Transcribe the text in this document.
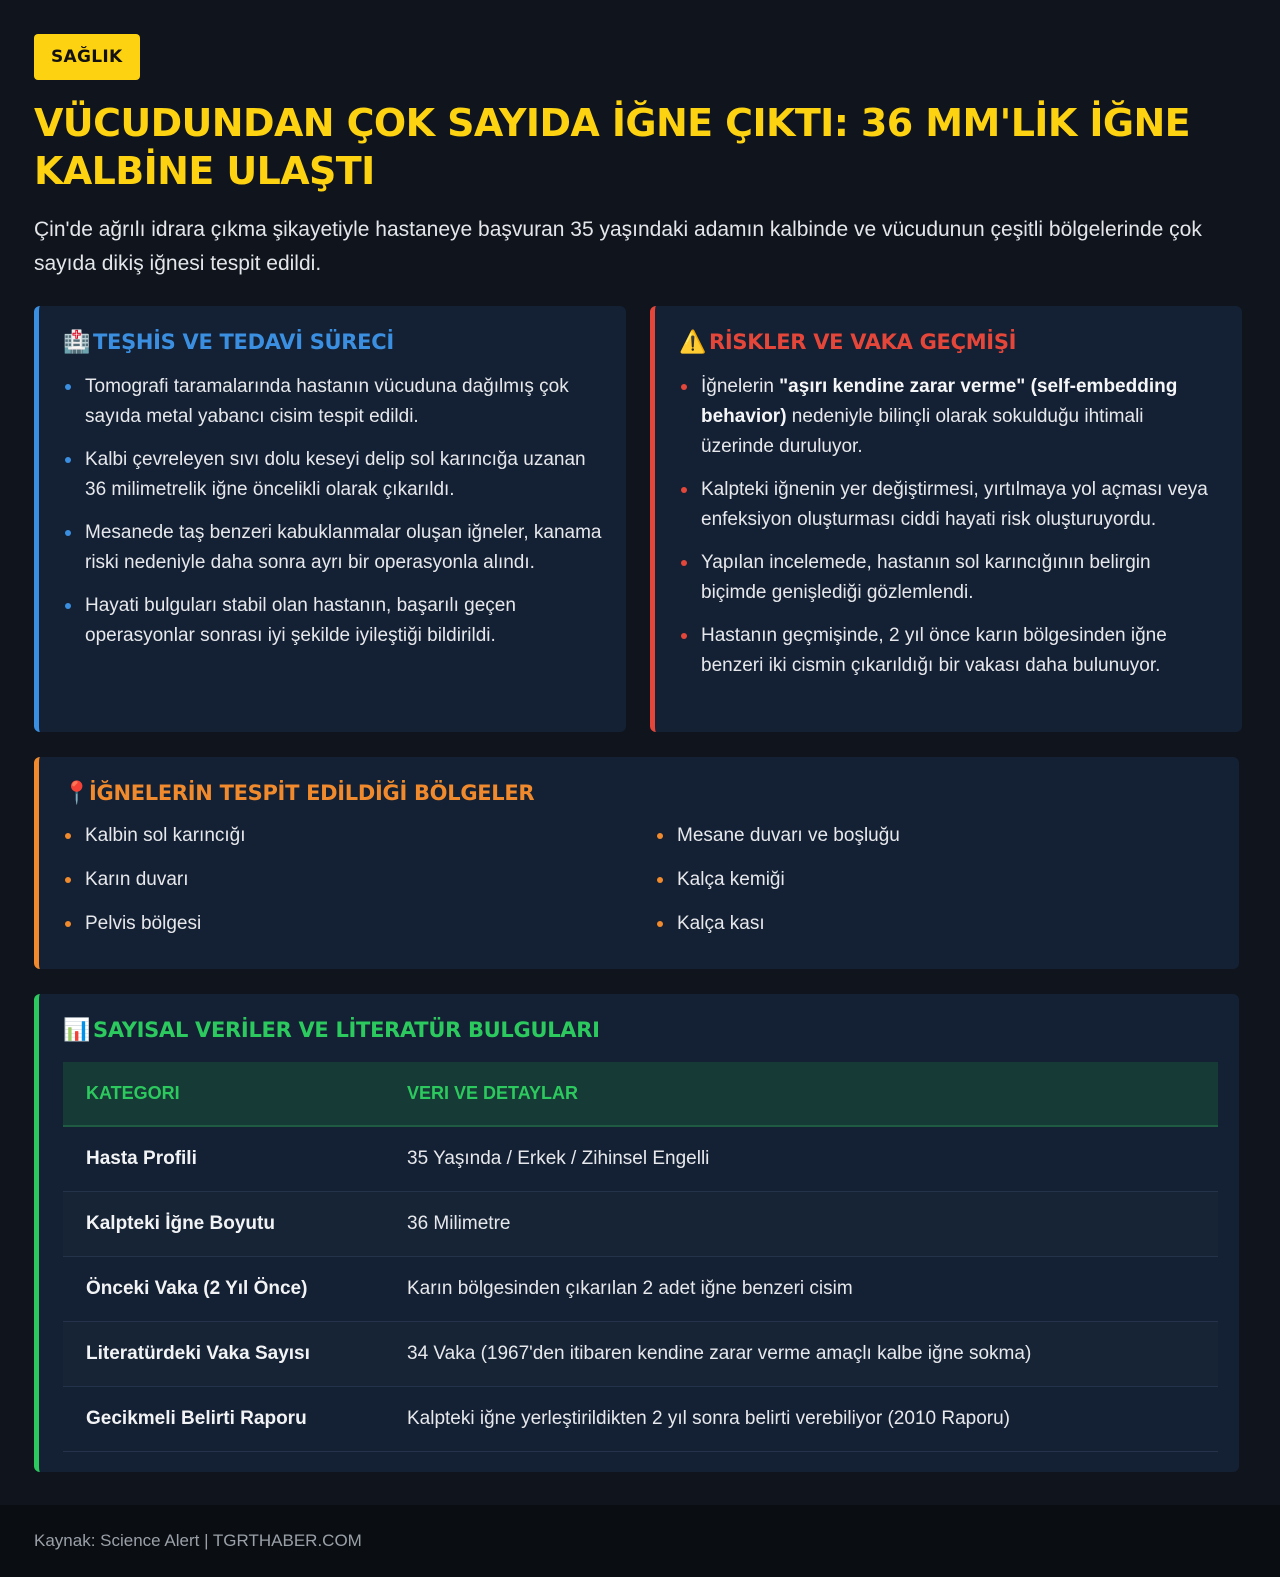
SAĞLIK
VÜCUDUNDAN ÇOK SAYIDA İĞNE ÇIKTI: 36 MM'LİK İĞNE KALBİNE ULAŞTI

Çin'de ağrılı idrara çıkma şikayetiyle hastaneye başvuran 35 yaşındaki adamın kalbinde ve vücudunun çeşitli bölgelerinde çok sayıda dikiş iğnesi tespit edildi.

🏥 TEŞHİS VE TEDAVİ SÜRECİ
Tomografi taramalarında hastanın vücuduna dağılmış çok sayıda metal yabancı cisim tespit edildi.
Kalbi çevreleyen sıvı dolu keseyi delip sol karıncığa uzanan 36 milimetrelik iğne öncelikli olarak çıkarıldı.
Mesanede taş benzeri kabuklanmalar oluşan iğneler, kanama riski nedeniyle daha sonra ayrı bir operasyonla alındı.
Hayati bulguları stabil olan hastanın, başarılı geçen operasyonlar sonrası iyi şekilde iyileştiği bildirildi.
⚠️ RİSKLER VE VAKA GEÇMİŞİ
İğnelerin "aşırı kendine zarar verme" (self-embedding behavior) nedeniyle bilinçli olarak sokulduğu ihtimali üzerinde duruluyor.
Kalpteki iğnenin yer değiştirmesi, yırtılmaya yol açması veya enfeksiyon oluşturması ciddi hayati risk oluşturuyordu.
Yapılan incelemede, hastanın sol karıncığının belirgin biçimde genişlediği gözlemlendi.
Hastanın geçmişinde, 2 yıl önce karın bölgesinden iğne benzeri iki cismin çıkarıldığı bir vakası daha bulunuyor.
📍
İĞNELERİN TESPİT EDİLDİĞİ BÖLGELER
Kalbin sol karıncığı
Karın duvarı
Pelvis bölgesi
Mesane duvarı ve boşluğu
Kalça kemiği
Kalça kası
📊 SAYISAL VERİLER VE LİTERATÜR BULGULARI
KATEGORI	VERI VE DETAYLAR
Hasta Profili	35 Yaşında / Erkek / Zihinsel Engelli
Kalpteki İğne Boyutu	36 Milimetre
Önceki Vaka (2 Yıl Önce)	Karın bölgesinden çıkarılan 2 adet iğne benzeri cisim
Literatürdeki Vaka Sayısı	34 Vaka (1967'den itibaren kendine zarar verme amaçlı kalbe iğne sokma)
Gecikmeli Belirti Raporu	Kalpteki iğne yerleştirildikten 2 yıl sonra belirti verebiliyor (2010 Raporu)
Kaynak: Science Alert | TGRTHABER.COM
